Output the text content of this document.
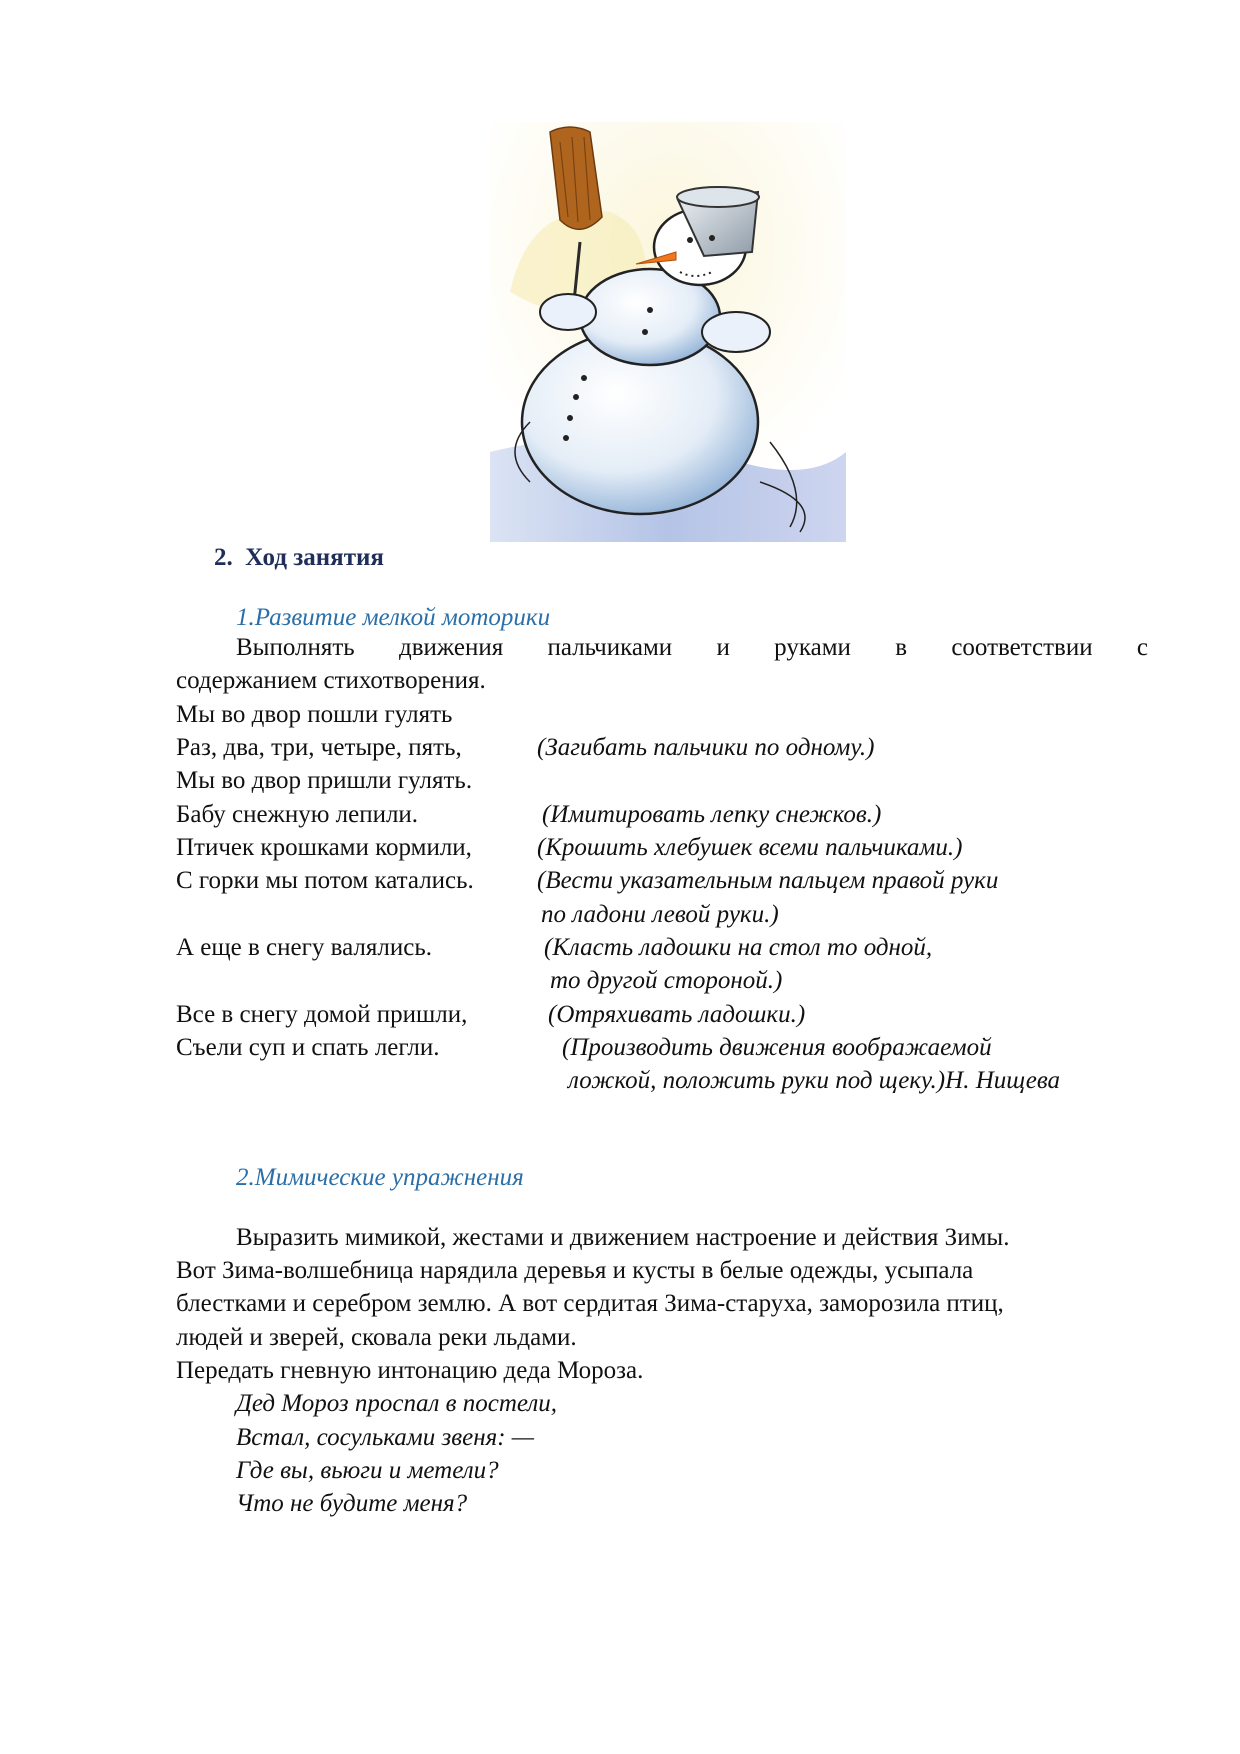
2. Ход занятия
1.Развитие мелкой моторики
Выполнять движения пальчиками и руками в соответствии с
содержанием стихотворения.
Мы во двор пошли гулять
Раз, два, три, четыре, пять,	(Загибать пальчики по одному.)
Мы во двор пришли гулять.
Бабу снежную лепили.	(Имитировать лепку снежков.)
Птичек крошками кормили,	(Крошить хлебушек всеми пальчиками.)
С горки мы потом катались.	(Вести указательным пальцем правой руки
по ладони левой руки.)
А еще в снегу валялись.	(Класть ладошки на стол то одной,
то другой стороной.)
Все в снегу домой пришли,	(Отряхивать ладошки.)
Съели суп и спать легли.	(Производить движения воображаемой
ложкой, положить руки под щеку.)Н. Нищева
2.Мимические упражнения
Выразить мимикой, жестами и движением настроение и действия Зимы.
Вот Зима-волшебница нарядила деревья и кусты в белые одежды, усыпала
блестками и серебром землю. А вот сердитая Зима-старуха, заморозила птиц,
людей и зверей, сковала реки льдами.
Передать гневную интонацию деда Мороза.
Дед Мороз проспал в постели,
Встал, сосульками звеня: —
Где вы, вьюги и метели?
Что не будите меня?
